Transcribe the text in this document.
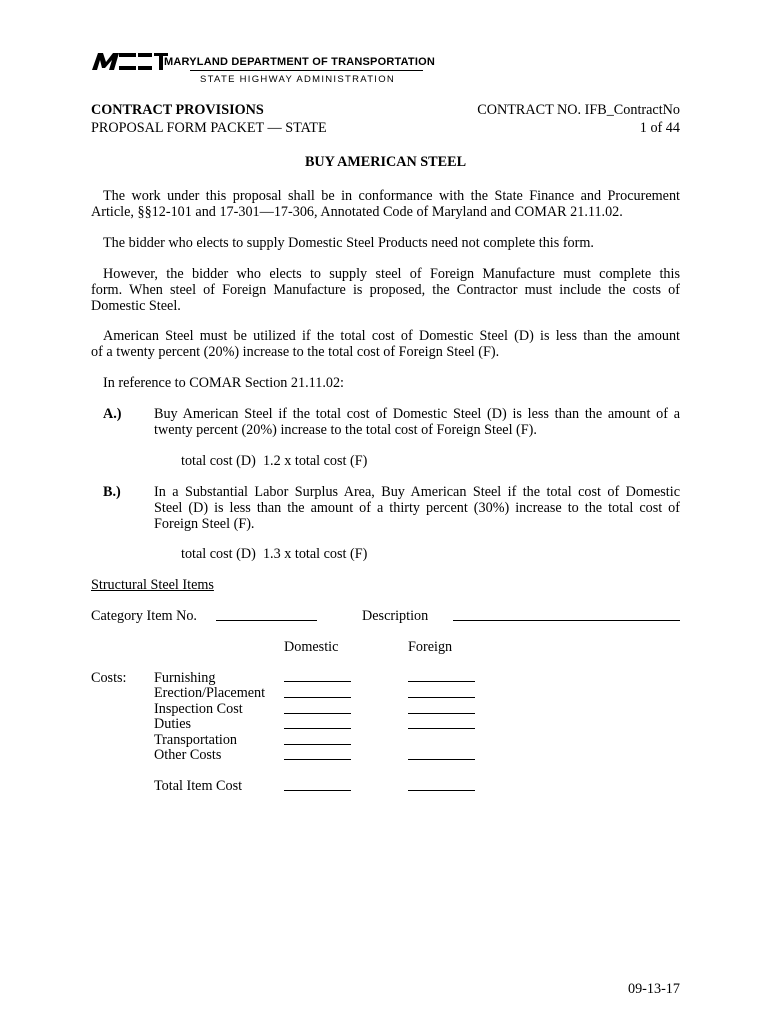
MARYLAND DEPARTMENT OF TRANSPORTATION
STATE HIGHWAY ADMINISTRATION
CONTRACT PROVISIONS
PROPOSAL FORM PACKET — STATE
CONTRACT NO. IFB_ContractNo
1 of 44
BUY AMERICAN STEEL
The work under this proposal shall be in conformance with the State Finance and Procurement
Article, §§12-101 and 17-301—17-306, Annotated Code of Maryland and COMAR 21.11.02.
The bidder who elects to supply Domestic Steel Products need not complete this form.
However, the bidder who elects to supply steel of Foreign Manufacture must complete this
form. When steel of Foreign Manufacture is proposed, the Contractor must include the costs of
Domestic Steel.
American Steel must be utilized if the total cost of Domestic Steel (D) is less than the amount
of a twenty percent (20%) increase to the total cost of Foreign Steel (F).
In reference to COMAR Section 21.11.02:
A.) Buy American Steel if the total cost of Domestic Steel (D) is less than the amount of a
twenty percent (20%) increase to the total cost of Foreign Steel (F).
total cost (D)  1.2 x total cost (F)
B.) In a Substantial Labor Surplus Area, Buy American Steel if the total cost of Domestic
Steel (D) is less than the amount of a thirty percent (30%) increase to the total cost of
Foreign Steel (F).
total cost (D)  1.3 x total cost (F)
Structural Steel Items
Category Item No.	Description
Domestic	Foreign
Costs: Furnishing
Erection/Placement
Inspection Cost
Duties
Transportation
Other Costs
Total Item Cost
09-13-17
